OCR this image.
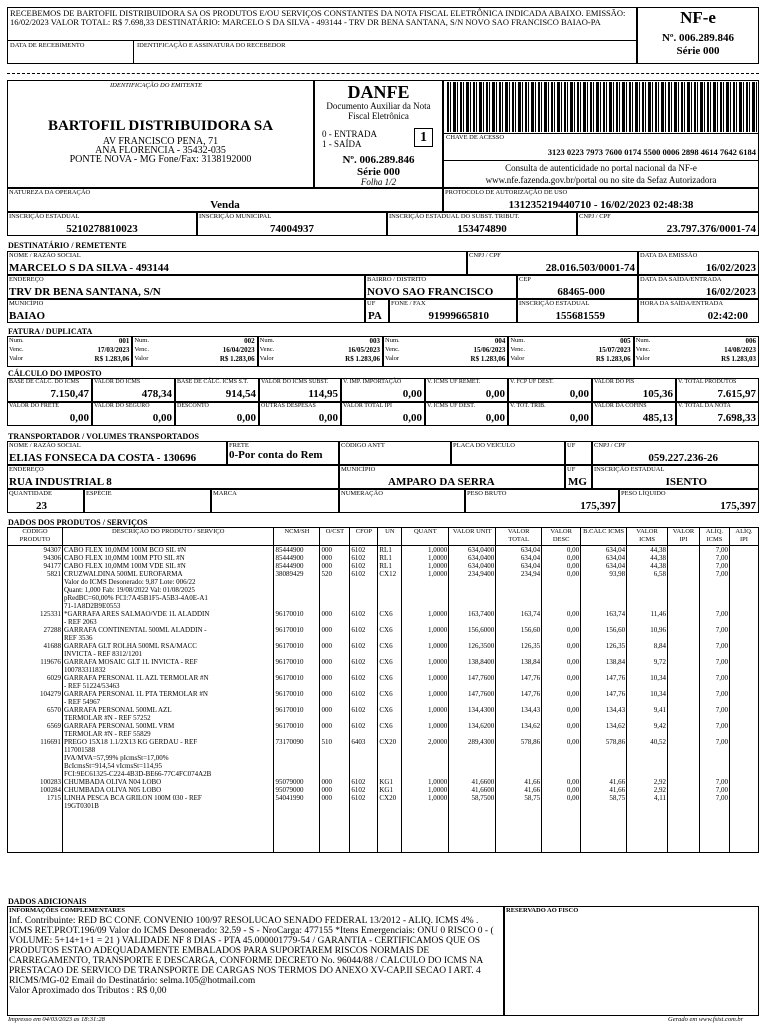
RECEBEMOS DE BARTOFIL DISTRIBUIDORA SA OS PRODUTOS E/OU SERVIÇOS CONSTANTES DA NOTA FISCAL ELETRÔNICA INDICADA ABAIXO. EMISSÃO: 16/02/2023 VALOR TOTAL: R$ 7.698,33 DESTINATÁRIO: MARCELO S DA SILVA - 493144 - TRV DR BENA SANTANA, S/N NOVO SAO FRANCISCO BAIAO-PA
DATA DE RECEBIMENTO	IDENTIFICAÇÃO E ASSINATURA DO RECEBEDOR
NF-e
Nº. 006.289.846
Série 000
IDENTIFICAÇÃO DO EMITENTE
BARTOFIL DISTRIBUIDORA SA
AV FRANCISCO PENA, 71
ANA FLORENCIA - 35432-035
PONTE NOVA - MG Fone/Fax: 3138192000
DANFE
Documento Auxiliar da Nota Fiscal Eletrônica
0 - ENTRADA
1 - SAÍDA	1
Nº. 006.289.846
Série 000
Folha 1/2
CHAVE DE ACESSO
3123 0223 7973 7600 0174 5500 0006 2898 4614 7642 6184
Consulta de autenticidade no portal nacional da NF-e
www.nfe.fazenda.gov.br/portal ou no site da Sefaz Autorizadora
NATUREZA DA OPERAÇÃO
Venda
PROTOCOLO DE AUTORIZAÇÃO DE USO
131235219440710 - 16/02/2023 02:48:38
INSCRIÇÃO ESTADUAL
5210278810023
INSCRIÇÃO MUNICIPAL
74004937
INSCRIÇÃO ESTADUAL DO SUBST. TRIBUT.
153474890
CNPJ / CPF
23.797.376/0001-74
DESTINATÁRIO / REMETENTE
NOME / RAZÃO SOCIAL
MARCELO S DA SILVA - 493144
CNPJ / CPF
28.016.503/0001-74
DATA DA EMISSÃO
16/02/2023
ENDEREÇO
TRV DR BENA SANTANA, S/N
BAIRRO / DISTRITO
NOVO SAO FRANCISCO
CEP
68465-000
DATA DA SAÍDA/ENTRADA
16/02/2023
MUNICÍPIO
BAIAO
UF
PA
FONE / FAX
91999665810
INSCRIÇÃO ESTADUAL
155681559
HORA DA SAÍDA/ENTRADA
02:42:00
FATURA / DUPLICATA
Num.	001
Venc.	17/03/2023
Valor	R$ 1.283,06
Num.	002
Venc.	16/04/2023
Valor	R$ 1.283,06
Num.	003
Venc.	16/05/2023
Valor	R$ 1.283,06
Num.	004
Venc.	15/06/2023
Valor	R$ 1.283,06
Num.	005
Venc.	15/07/2023
Valor	R$ 1.283,06
Num.	006
Venc.	14/08/2023
Valor	R$ 1.283,03
CÁLCULO DO IMPOSTO
BASE DE CÁLC. DO ICMS
7.150,47
VALOR DO ICMS
478,34
BASE DE CÁLC. ICMS S.T.
914,54
VALOR DO ICMS SUBST.
114,95
V. IMP. IMPORTAÇÃO
0,00
V. ICMS UF REMET.
0,00
V. FCP UF DEST.
0,00
VALOR DO PIS
105,36
V. TOTAL PRODUTOS
7.615,97
VALOR DO FRETE
0,00
VALOR DO SEGURO
0,00
DESCONTO
0,00
OUTRAS DESPESAS
0,00
VALOR TOTAL IPI
0,00
V. ICMS UF DEST.
0,00
V. TOT. TRIB.
0,00
VALOR DA COFINS
485,13
V. TOTAL DA NOTA
7.698,33
TRANSPORTADOR / VOLUMES TRANSPORTADOS
NOME / RAZÃO SOCIAL
ELIAS FONSECA DA COSTA - 130696
FRETE
0-Por conta do Rem
CÓDIGO ANTT	PLACA DO VEÍCULO	UF	CNPJ / CPF
059.227.236-26
ENDEREÇO
RUA INDUSTRIAL 8
MUNICÍPIO
AMPARO DA SERRA
UF
MG
INSCRIÇÃO ESTADUAL
ISENTO
QUANTIDADE
23
ESPÉCIE	MARCA	NUMERAÇÃO	PESO BRUTO
175,397
PESO LÍQUIDO
175,397
DADOS DOS PRODUTOS / SERVIÇOS
CÓDIGO PRODUTO	DESCRIÇÃO DO PRODUTO / SERVIÇO	NCM/SH	O/CST	CFOP	UN	QUANT	VALOR UNIT	VALOR TOTAL	VALOR DESC	B.CÁLC ICMS	VALOR ICMS	VALOR IPI	ALÍQ. ICMS	ALÍQ. IPI
94307	CABO FLEX 10,0MM 100M BCO SIL #N	85444900	000	6102	RL1	1,0000	634,0400	634,04	0,00	634,04	44,38		7,00	
94306	CABO FLEX 10,0MM 100M PTO SIL #N	85444900	000	6102	RL1	1,0000	634,0400	634,04	0,00	634,04	44,38		7,00	
94177	CABO FLEX 10,0MM 100M VDE SIL #N	85444900	000	6102	RL1	1,0000	634,0400	634,04	0,00	634,04	44,38		7,00	
5821	CRUZWALDINA 500ML EUROFARMA
Valor do ICMS Desonerado: 9,87 Lote: 006/22
Quant: 1,000 Fab: 19/08/2022 Val: 01/08/2025
pRedBC=60,00% FCI:7A45B1F5-A5B3-4A0E-A1
71-1A8D2B9E0553	38089429	520	6102	CX12	1,0000	234,9400	234,94	0,00	93,98	6,58		7,00	
125331	*GARRAFA ARES SALMAO/VDE 1L ALADDIN
- REF 2063	96170010	000	6102	CX6	1,0000	163,7400	163,74	0,00	163,74	11,46		7,00	
27288	GARRAFA CONTINENTAL 500ML ALADDIN -
REF 3536	96170010	000	6102	CX6	1,0000	156,6000	156,60	0,00	156,60	10,96		7,00	
41688	GARRAFA GLT ROLHA 500ML RSA/MACC
INVICTA - REF 8312/1201	96170010	000	6102	CX6	1,0000	126,3500	126,35	0,00	126,35	8,84		7,00	
119676	GARRAFA MOSAIC GLT 1L INVICTA - REF
100783311832	96170010	000	6102	CX6	1,0000	138,8400	138,84	0,00	138,84	9,72		7,00	
6029	GARRAFA PERSONAL 1L AZL TERMOLAR #N
- REF 51224/53463	96170010	000	6102	CX6	1,0000	147,7600	147,76	0,00	147,76	10,34		7,00	
104279	GARRAFA PERSONAL 1L PTA TERMOLAR #N
- REF 54967	96170010	000	6102	CX6	1,0000	147,7600	147,76	0,00	147,76	10,34		7,00	
6570	GARRAFA PERSONAL 500ML AZL
TERMOLAR #N - REF 57252	96170010	000	6102	CX6	1,0000	134,4300	134,43	0,00	134,43	9,41		7,00	
6569	GARRAFA PERSONAL 500ML VRM
TERMOLAR #N - REF 55829	96170010	000	6102	CX6	1,0000	134,6200	134,62	0,00	134,62	9,42		7,00	
116691	PREGO 15X18 1.1/2X13 KG GERDAU - REF
117001588
IVA/MVA=57,99% pIcmsSt=17,00%
BcIcmsSt=914,54 vIcmsSt=114,95
FCI:9EC61325-C224-4B3D-BE66-77C4FC074A2B	73170090	510	6403	CX20	2,0000	289,4300	578,86	0,00	578,86	40,52		7,00	
100283	CHUMBADA OLIVA N04 LOBO	95079000	000	6102	KG1	1,0000	41,6600	41,66	0,00	41,66	2,92		7,00	
100284	CHUMBADA OLIVA N05 LOBO	95079000	000	6102	KG1	1,0000	41,6600	41,66	0,00	41,66	2,92		7,00	
1715	LINHA PESCA BCA GRILON 100M 030 - REF
19GT0301B	54041990	000	6102	CX20	1,0000	58,7500	58,75	0,00	58,75	4,11		7,00	

DADOS ADICIONAIS
INFORMAÇÕES COMPLEMENTARES
Inf. Contribuinte: RED BC CONF. CONVENIO 100/97 RESOLUCAO SENADO FEDERAL 13/2012 - ALIQ. ICMS 4% . ICMS RET.PROT.196/09 Valor do ICMS Desonerado: 32.59 - S - NroCarga: 477155 *Itens Emergenciais: ONU 0 RISCO 0 - ( VOLUME: 5+14+1+1 = 21 ) VALIDADE NF 8 DIAS - PTA 45.000001779-54 / GARANTIA - CERTIFICAMOS QUE OS PRODUTOS ESTAO ADEQUADAMENTE EMBALADOS PARA SUPORTAREM RISCOS NORMAIS DE CARREGAMENTO, TRANSPORTE E DESCARGA, CONFORME DECRETO No. 96044/88 / CALCULO DO ICMS NA PRESTACAO DE SERVICO DE TRANSPORTE DE CARGAS NOS TERMOS DO ANEXO XV-CAP.II SECAO I ART. 4 RICMS/MG-02 Email do Destinatário: selma.105@hotmail.com
Valor Aproximado dos Tributos : R$ 0,00
RESERVADO AO FISCO
Impresso em 04/03/2023 as 18:31:28	Gerado em www.fsist.com.br
